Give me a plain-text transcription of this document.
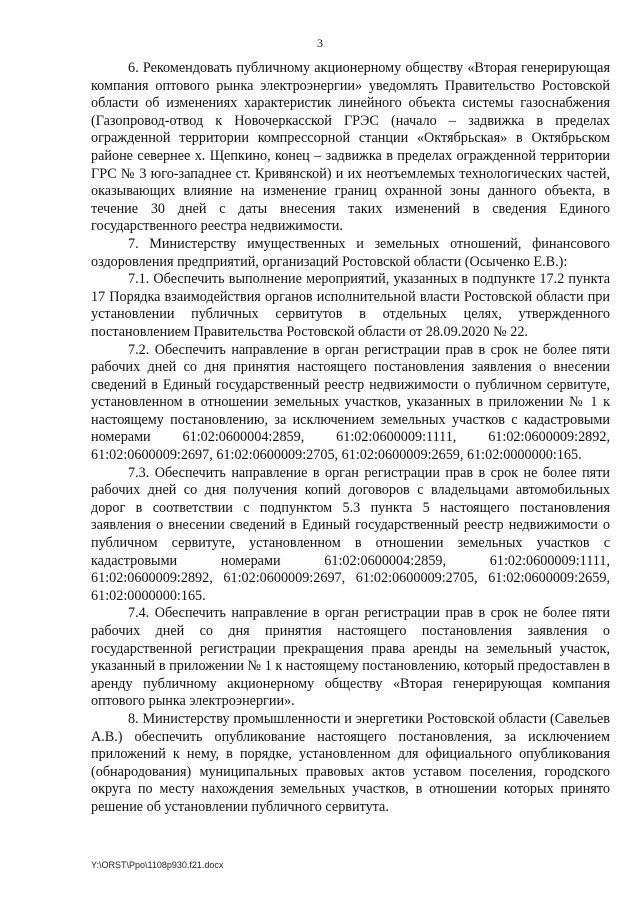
3

6. Рекомендовать публичному акционерному обществу «Вторая генерирующая компания оптового рынка электроэнергии» уведомлять Правительство Ростовской области об изменениях характеристик линейного объекта системы газоснабжения (Газопровод-отвод к Новочеркасской ГРЭС (начало – задвижка в пределах огражденной территории компрессорной станции «Октябрьская» в Октябрьском районе севернее х. Щепкино, конец – задвижка в пределах огражденной территории ГРС № 3 юго-западнее ст. Кривянской) и их неотъемлемых технологических частей, оказывающих влияние на изменение границ охранной зоны данного объекта, в течение 30 дней с даты внесения таких изменений в сведения Единого государственного реестра недвижимости.

7. Министерству имущественных и земельных отношений, финансового оздоровления предприятий, организаций Ростовской области (Осыченко Е.В.):

7.1. Обеспечить выполнение мероприятий, указанных в подпункте 17.2 пункта 17 Порядка взаимодействия органов исполнительной власти Ростовской области при установлении публичных сервитутов в отдельных целях, утвержденного постановлением Правительства Ростовской области от 28.09.2020 № 22.

7.2. Обеспечить направление в орган регистрации прав в срок не более пяти рабочих дней со дня принятия настоящего постановления заявления о внесении сведений в Единый государственный реестр недвижимости о публичном сервитуте, установленном в отношении земельных участков, указанных в приложении № 1 к настоящему постановлению, за исключением земельных участков с кадастровыми номерами 61:02:0600004:2859, 61:02:0600009:1111, 61:02:0600009:2892, 61:02:0600009:2697, 61:02:0600009:2705, 61:02:0600009:2659, 61:02:0000000:165.

7.3. Обеспечить направление в орган регистрации прав в срок не более пяти рабочих дней со дня получения копий договоров с владельцами автомобильных дорог в соответствии с подпунктом 5.3 пункта 5 настоящего постановления заявления о внесении сведений в Единый государственный реестр недвижимости о публичном сервитуте, установленном в отношении земельных участков с кадастровыми номерами 61:02:0600004:2859, 61:02:0600009:1111, 61:02:0600009:2892, 61:02:0600009:2697, 61:02:0600009:2705, 61:02:0600009:2659, 61:02:0000000:165.

7.4. Обеспечить направление в орган регистрации прав в срок не более пяти рабочих дней со дня принятия настоящего постановления заявления о государственной регистрации прекращения права аренды на земельный участок, указанный в приложении № 1 к настоящему постановлению, который предоставлен в аренду публичному акционерному обществу «Вторая генерирующая компания оптового рынка электроэнергии».

8. Министерству промышленности и энергетики Ростовской области (Савельев А.В.) обеспечить опубликование настоящего постановления, за исключением приложений к нему, в порядке, установленном для официального опубликования (обнародования) муниципальных правовых актов уставом поселения, городского округа по месту нахождения земельных участков, в отношении которых принято решение об установлении публичного сервитута.

Y:\ORST\Ppo\1108p930.f21.docx
